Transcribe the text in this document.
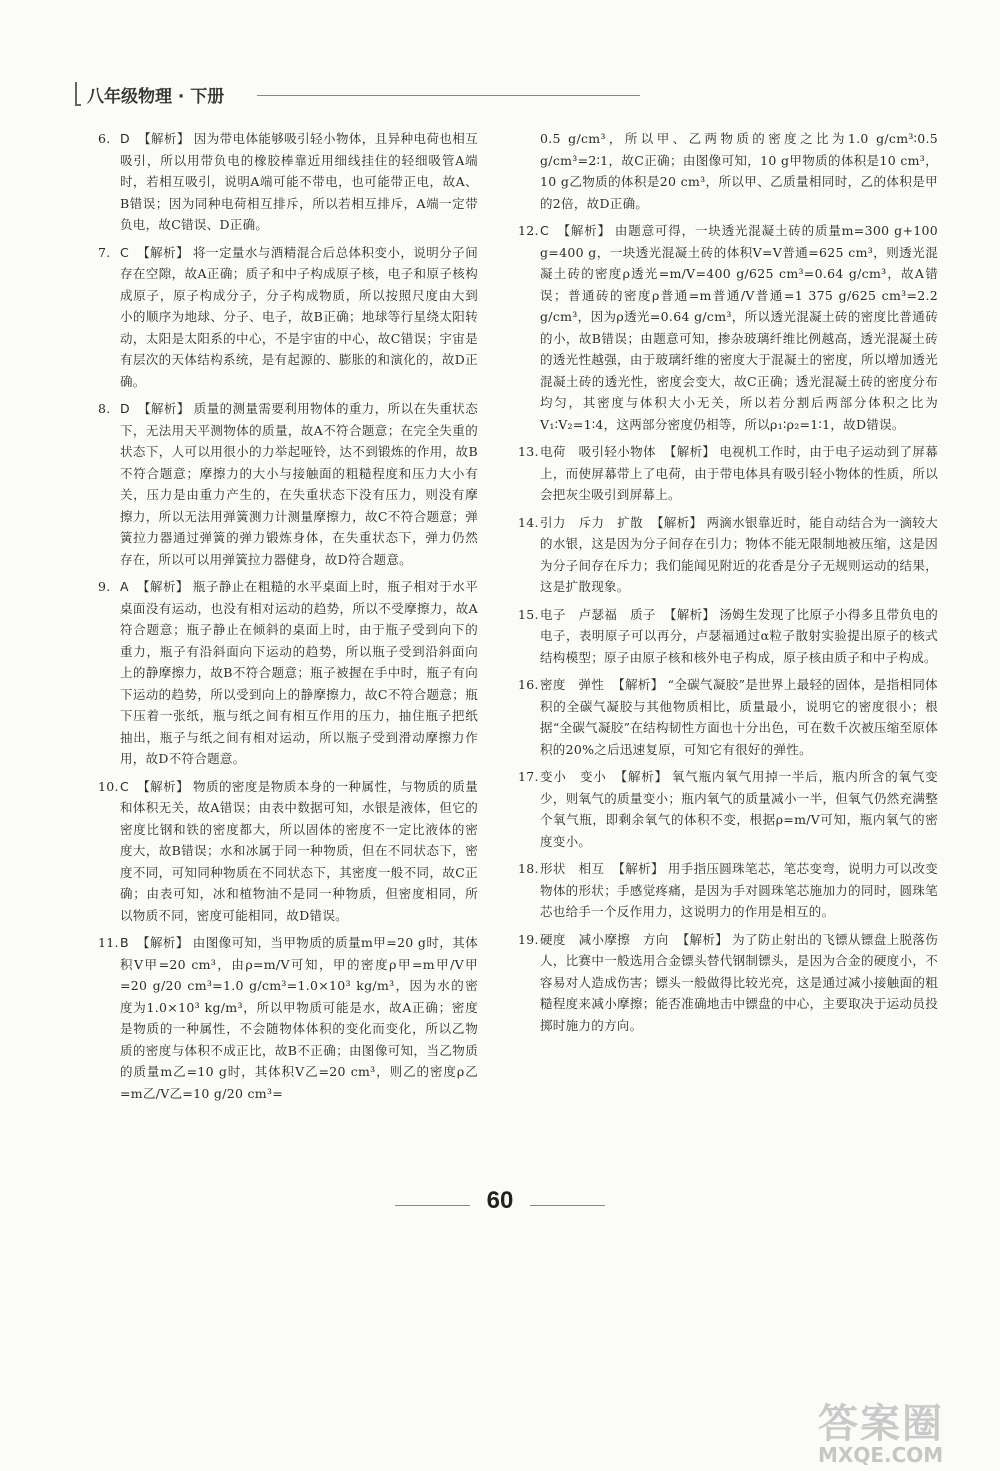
八年级物理 · 下册
6. D 【解析】 因为带电体能够吸引轻小物体，且异种电荷也相互吸引，所以用带负电的橡胶棒靠近用细线挂住的轻细吸管A端时，若相互吸引，说明A端可能不带电，也可能带正电，故A、B错误；因为同种电荷相互排斥，所以若相互排斥，A端一定带负电，故C错误、D正确。
7. C 【解析】 将一定量水与酒精混合后总体积变小，说明分子间存在空隙，故A正确；质子和中子构成原子核，电子和原子核构成原子，原子构成分子，分子构成物质，所以按照尺度由大到小的顺序为地球、分子、电子，故B正确；地球等行星绕太阳转动，太阳是太阳系的中心，不是宇宙的中心，故C错误；宇宙是有层次的天体结构系统，是有起源的、膨胀的和演化的，故D正确。
8. D 【解析】 质量的测量需要利用物体的重力，所以在失重状态下，无法用天平测物体的质量，故A不符合题意；在完全失重的状态下，人可以用很小的力举起哑铃，达不到锻炼的作用，故B不符合题意；摩擦力的大小与接触面的粗糙程度和压力大小有关，压力是由重力产生的，在失重状态下没有压力，则没有摩擦力，所以无法用弹簧测力计测量摩擦力，故C不符合题意；弹簧拉力器通过弹簧的弹力锻炼身体，在失重状态下，弹力仍然存在，所以可以用弹簧拉力器健身，故D符合题意。
9. A 【解析】 瓶子静止在粗糙的水平桌面上时，瓶子相对于水平桌面没有运动，也没有相对运动的趋势，所以不受摩擦力，故A符合题意；瓶子静止在倾斜的桌面上时，由于瓶子受到向下的重力，瓶子有沿斜面向下运动的趋势，所以瓶子受到沿斜面向上的静摩擦力，故B不符合题意；瓶子被握在手中时，瓶子有向下运动的趋势，所以受到向上的静摩擦力，故C不符合题意；瓶下压着一张纸，瓶与纸之间有相互作用的压力，抽住瓶子把纸抽出，瓶子与纸之间有相对运动，所以瓶子受到滑动摩擦力作用，故D不符合题意。
10. C 【解析】 物质的密度是物质本身的一种属性，与物质的质量和体积无关，故A错误；由表中数据可知，水银是液体，但它的密度比钢和铁的密度都大，所以固体的密度不一定比液体的密度大，故B错误；水和冰属于同一种物质，但在不同状态下，密度不同，可知同种物质在不同状态下，其密度一般不同，故C正确；由表可知，冰和植物油不是同一种物质，但密度相同，所以物质不同，密度可能相同，故D错误。
11. B 【解析】 由图像可知，当甲物质的质量m甲=20 g时，其体积V甲=20 cm³，由ρ=m/V可知，甲的密度ρ甲=m甲/V甲=20 g/20 cm³=1.0 g/cm³=1.0×10³ kg/m³，因为水的密度为1.0×10³ kg/m³，所以甲物质可能是水，故A正确；密度是物质的一种属性，不会随物体体积的变化而变化，所以乙物质的密度与体积不成正比，故B不正确；由图像可知，当乙物质的质量m乙=10 g时，其体积V乙=20 cm³，则乙的密度ρ乙=m乙/V乙=10 g/20 cm³=
0.5 g/cm³，所以甲、乙两物质的密度之比为1.0 g/cm³∶0.5 g/cm³=2∶1，故C正确；由图像可知，10 g甲物质的体积是10 cm³，10 g乙物质的体积是20 cm³，所以甲、乙质量相同时，乙的体积是甲的2倍，故D正确。
12. C 【解析】 由题意可得，一块透光混凝土砖的质量m=300 g+100 g=400 g，一块透光混凝土砖的体积V=V普通=625 cm³，则透光混凝土砖的密度ρ透光=m/V=400 g/625 cm³=0.64 g/cm³，故A错误；普通砖的密度ρ普通=m普通/V普通=1 375 g/625 cm³=2.2 g/cm³，因为ρ透光=0.64 g/cm³，所以透光混凝土砖的密度比普通砖的小，故B错误；由题意可知，掺杂玻璃纤维比例越高，透光混凝土砖的透光性越强，由于玻璃纤维的密度大于混凝土的密度，所以增加透光混凝土砖的透光性，密度会变大，故C正确；透光混凝土砖的密度分布均匀，其密度与体积大小无关，所以若分割后两部分体积之比为V₁∶V₂=1∶4，这两部分密度仍相等，所以ρ₁∶ρ₂=1∶1，故D错误。
13. 电荷　吸引轻小物体 【解析】 电视机工作时，由于电子运动到了屏幕上，而使屏幕带上了电荷，由于带电体具有吸引轻小物体的性质，所以会把灰尘吸引到屏幕上。
14. 引力　斥力　扩散 【解析】 两滴水银靠近时，能自动结合为一滴较大的水银，这是因为分子间存在引力；物体不能无限制地被压缩，这是因为分子间存在斥力；我们能闻见附近的花香是分子无规则运动的结果，这是扩散现象。
15. 电子　卢瑟福　质子 【解析】 汤姆生发现了比原子小得多且带负电的电子，表明原子可以再分，卢瑟福通过α粒子散射实验提出原子的核式结构模型；原子由原子核和核外电子构成，原子核由质子和中子构成。
16. 密度　弹性 【解析】 “全碳气凝胶”是世界上最轻的固体，是指相同体积的全碳气凝胶与其他物质相比，质量最小，说明它的密度很小；根据“全碳气凝胶”在结构韧性方面也十分出色，可在数千次被压缩至原体积的20%之后迅速复原，可知它有很好的弹性。
17. 变小　变小 【解析】 氧气瓶内氧气用掉一半后，瓶内所含的氧气变少，则氧气的质量变小；瓶内氧气的质量减小一半，但氧气仍然充满整个氧气瓶，即剩余氧气的体积不变，根据ρ=m/V可知，瓶内氧气的密度变小。
18. 形状　相互 【解析】 用手指压圆珠笔芯，笔芯变弯，说明力可以改变物体的形状；手感觉疼痛，是因为手对圆珠笔芯施加力的同时，圆珠笔芯也给手一个反作用力，这说明力的作用是相互的。
19. 硬度　减小摩擦　方向 【解析】 为了防止射出的飞镖从镖盘上脱落伤人，比赛中一般选用合金镖头替代钢制镖头，是因为合金的硬度小，不容易对人造成伤害；镖头一般做得比较光亮，这是通过减小接触面的粗糙程度来减小摩擦；能否准确地击中镖盘的中心，主要取决于运动员投掷时施力的方向。
60
答案圈
MXQE.COM
